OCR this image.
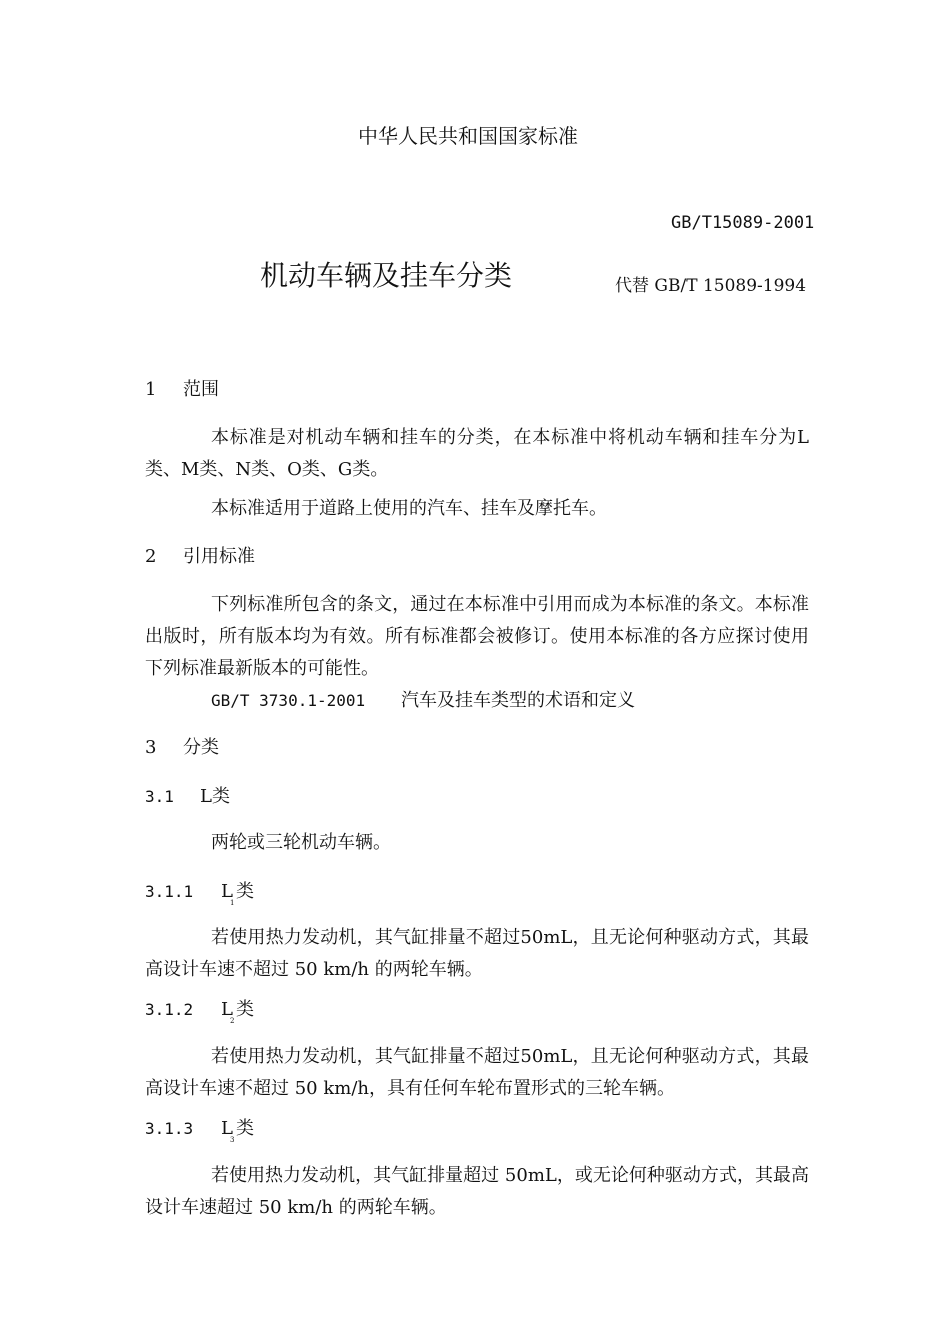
中华人民共和国国家标准
GB/T15089-2001
机动车辆及挂车分类	代替 GB/T 15089-1994
1 范围
本标准是对机动车辆和挂车的分类，在本标准中将机动车辆和挂车分为L类、M类、N类、O类、G类。
本标准适用于道路上使用的汽车、挂车及摩托车。
2 引用标准
下列标准所包含的条文，通过在本标准中引用而成为本标准的条文。本标准出版时，所有版本均为有效。所有标准都会被修订。使用本标准的各方应探讨使用下列标准最新版本的可能性。
GB/T 3730.1-2001 汽车及挂车类型的术语和定义
3 分类
3.1 L类
两轮或三轮机动车辆。
3.1.1 L
1
类
若使用热力发动机，其气缸排量不超过50mL，且无论何种驱动方式，其最高设计车速不超过 50 km/h 的两轮车辆。
3.1.2 L
2
类
若使用热力发动机，其气缸排量不超过50mL，且无论何种驱动方式，其最高设计车速不超过 50 km/h，具有任何车轮布置形式的三轮车辆。
3.1.3 L
3
类
若使用热力发动机，其气缸排量超过 50mL，或无论何种驱动方式，其最高设计车速超过 50 km/h 的两轮车辆。
